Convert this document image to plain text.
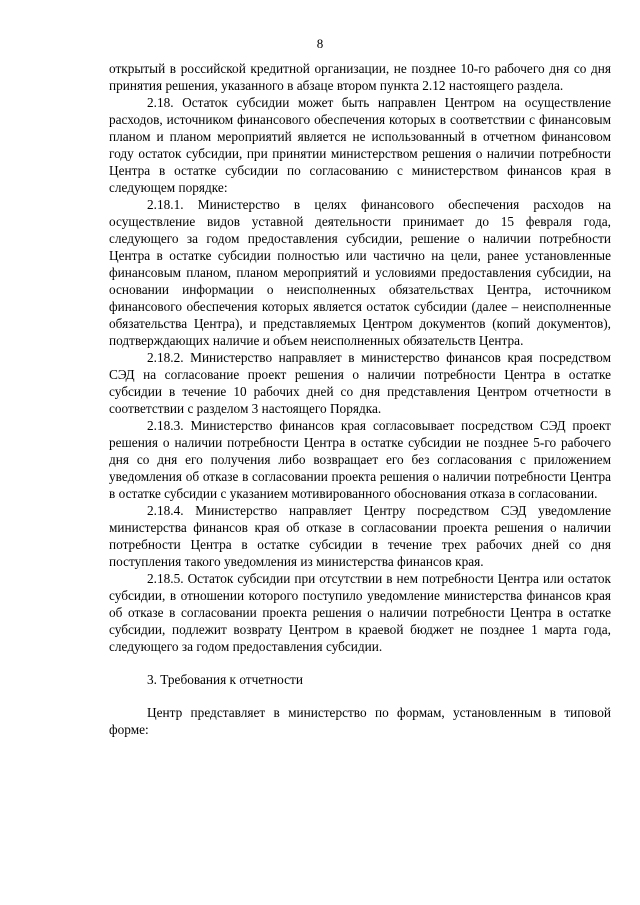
8

открытый в российской кредитной организации, не позднее 10-го рабочего дня со дня принятия решения, указанного в абзаце втором пункта 2.12 настоящего раздела.

2.18. Остаток субсидии может быть направлен Центром на осуществление расходов, источником финансового обеспечения которых в соответствии с финансовым планом и планом мероприятий является не использованный в отчетном финансовом году остаток субсидии, при принятии министерством решения о наличии потребности Центра в остатке субсидии по согласованию с министерством финансов края в следующем порядке:

2.18.1. Министерство в целях финансового обеспечения расходов на осуществление видов уставной деятельности принимает до 15 февраля года, следующего за годом предоставления субсидии, решение о наличии потребности Центра в остатке субсидии полностью или частично на цели, ранее установленные финансовым планом, планом мероприятий и условиями предоставления субсидии, на основании информации о неисполненных обязательствах Центра, источником финансового обеспечения которых является остаток субсидии (далее – неисполненные обязательства Центра), и представляемых Центром документов (копий документов), подтверждающих наличие и объем неисполненных обязательств Центра.

2.18.2. Министерство направляет в министерство финансов края посредством СЭД на согласование проект решения о наличии потребности Центра в остатке субсидии в течение 10 рабочих дней со дня представления Центром отчетности в соответствии с разделом 3 настоящего Порядка.

2.18.3. Министерство финансов края согласовывает посредством СЭД проект решения о наличии потребности Центра в остатке субсидии не позднее 5-го рабочего дня со дня его получения либо возвращает его без согласования с приложением уведомления об отказе в согласовании проекта решения о наличии потребности Центра в остатке субсидии с указанием мотивированного обоснования отказа в согласовании.

2.18.4. Министерство направляет Центру посредством СЭД уведомление министерства финансов края об отказе в согласовании проекта решения о наличии потребности Центра в остатке субсидии в течение трех рабочих дней со дня поступления такого уведомления из министерства финансов края.

2.18.5. Остаток субсидии при отсутствии в нем потребности Центра или остаток субсидии, в отношении которого поступило уведомление министерства финансов края об отказе в согласовании проекта решения о наличии потребности Центра в остатке субсидии, подлежит возврату Центром в краевой бюджет не позднее 1 марта года, следующего за годом предоставления субсидии.

3. Требования к отчетности

Центр представляет в министерство по формам, установленным в типовой форме:
